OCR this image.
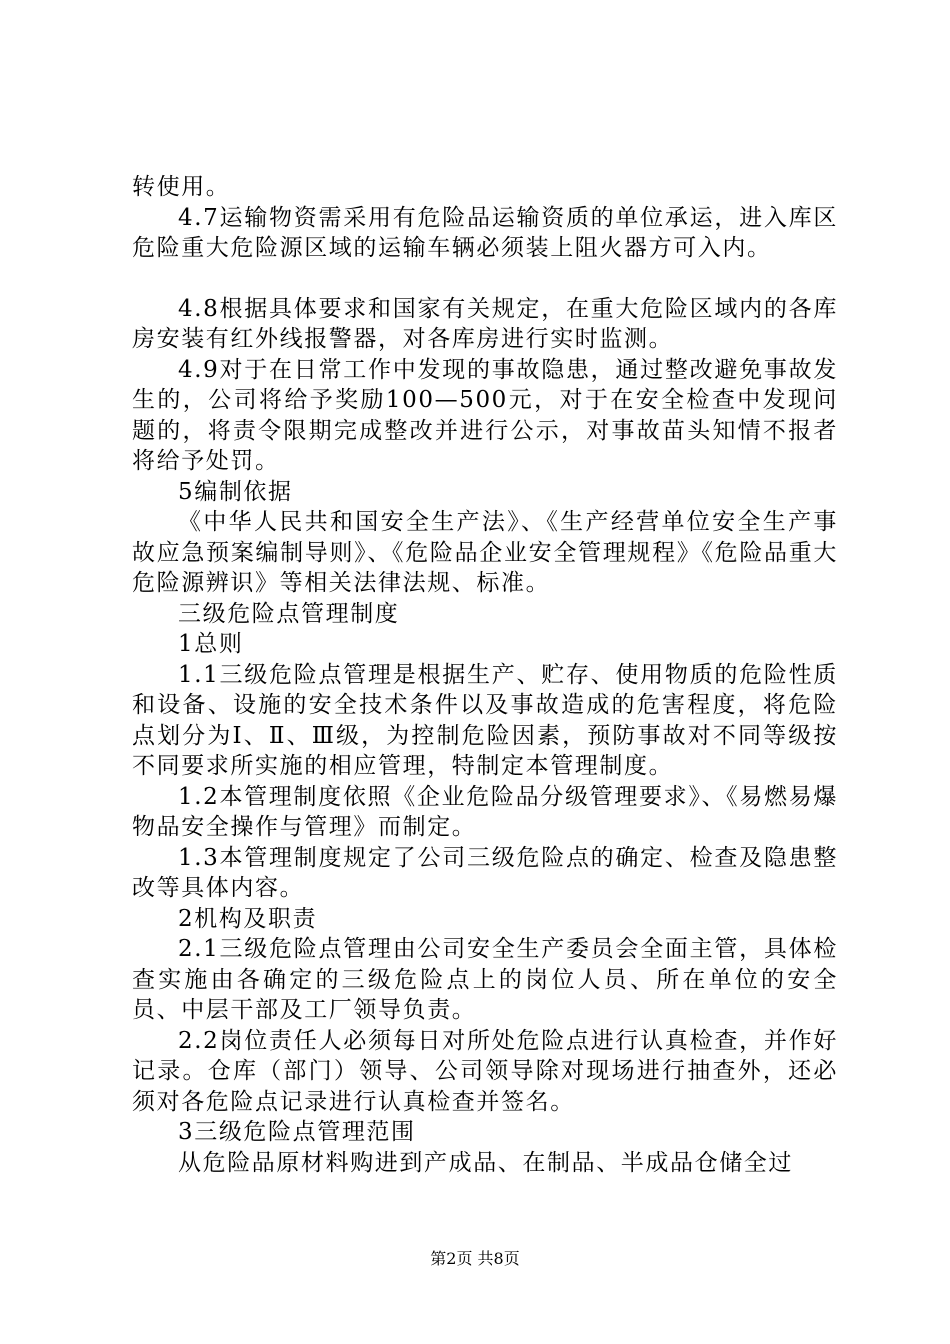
转使用。

4.7运输物资需采用有危险品运输资质的单位承运，进入库区危险重大危险源区域的运输车辆必须装上阻火器方可入内。

4.8根据具体要求和国家有关规定，在重大危险区域内的各库房安装有红外线报警器，对各库房进行实时监测。

4.9对于在日常工作中发现的事故隐患，通过整改避免事故发生的，公司将给予奖励100—500元，对于在安全检查中发现问题的，将责令限期完成整改并进行公示，对事故苗头知情不报者将给予处罚。

5编制依据

《中华人民共和国安全生产法》、《生产经营单位安全生产事故应急预案编制导则》、《危险品企业安全管理规程》《危险品重大危险源辨识》等相关法律法规、标准。

三级危险点管理制度

1总则

1.1三级危险点管理是根据生产、贮存、使用物质的危险性质和设备、设施的安全技术条件以及事故造成的危害程度，将危险点划分为Ⅰ、Ⅱ、Ⅲ级，为控制危险因素，预防事故对不同等级按不同要求所实施的相应管理，特制定本管理制度。

1.2本管理制度依照《企业危险品分级管理要求》、《易燃易爆物品安全操作与管理》而制定。

1.3本管理制度规定了公司三级危险点的确定、检查及隐患整改等具体内容。

2机构及职责

2.1三级危险点管理由公司安全生产委员会全面主管，具体检查实施由各确定的三级危险点上的岗位人员、所在单位的安全员、中层干部及工厂领导负责。

2.2岗位责任人必须每日对所处危险点进行认真检查，并作好记录。仓库（部门）领导、公司领导除对现场进行抽查外，还必须对各危险点记录进行认真检查并签名。

3三级危险点管理范围

从危险品原材料购进到产成品、在制品、半成品仓储全过

第2页 共8页
